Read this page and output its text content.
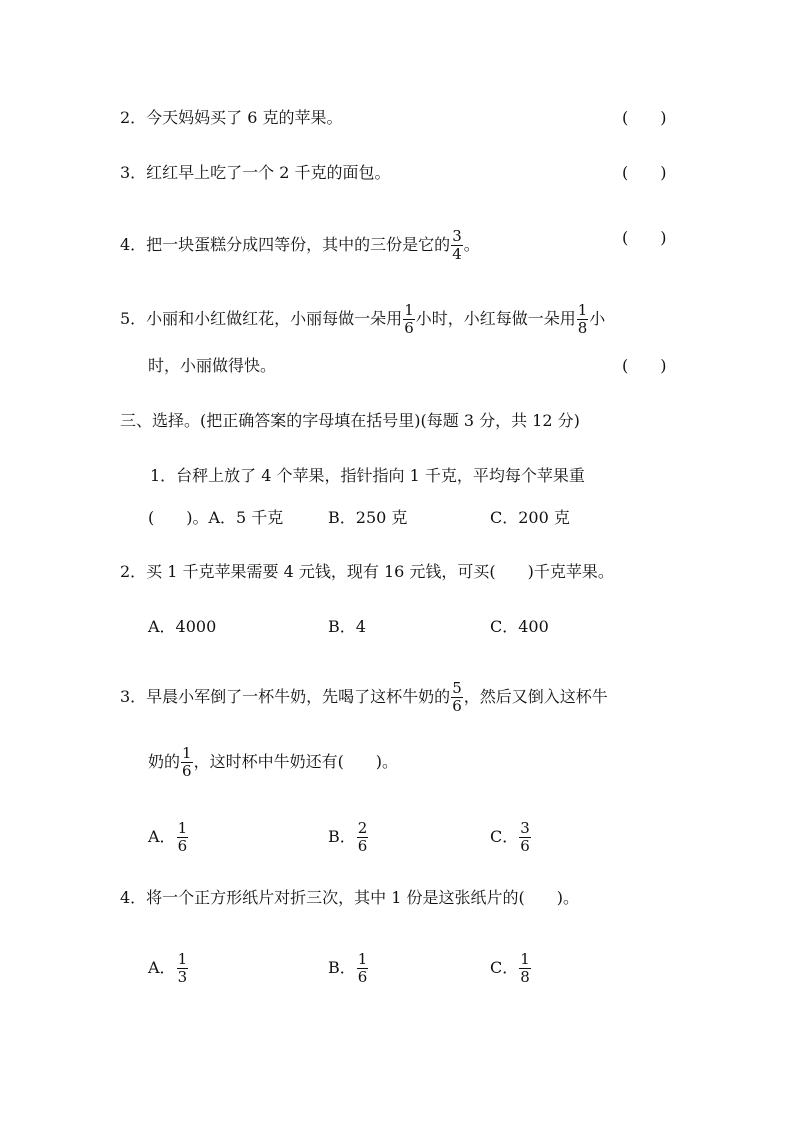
2．今天妈妈买了 6 克的苹果。	(　　)
3．红红早上吃了一个 2 千克的面包。	(　　)
4．把一块蛋糕分成四等份，其中的三份是它的 $\frac{3}{4}$ 。	(　　)
5．小丽和小红做红花，小丽每做一朵用 $\frac{1}{6}$ 小时，小红每做一朵用 $\frac{1}{8}$ 小
时，小丽做得快。	(　　)
三、选择。(把正确答案的字母填在括号里)(每题 3 分，共 12 分)
1．台秤上放了 4 个苹果，指针指向 1 千克，平均每个苹果重
(　　)。A．5 千克	B．250 克	C．200 克
2．买 1 千克苹果需要 4 元钱，现有 16 元钱，可买(　　)千克苹果。
A．4000	B．4	C．400
3．早晨小军倒了一杯牛奶，先喝了这杯牛奶的 $\frac{5}{6}$ ，然后又倒入这杯牛
奶的 $\frac{1}{6}$ ，这时杯中牛奶还有(　　)。
A． $\frac{1}{6}$	B． $\frac{2}{6}$	C． $\frac{3}{6}$
4．将一个正方形纸片对折三次，其中 1 份是这张纸片的(　　)。
A． $\frac{1}{3}$	B． $\frac{1}{6}$	C． $\frac{1}{8}$
